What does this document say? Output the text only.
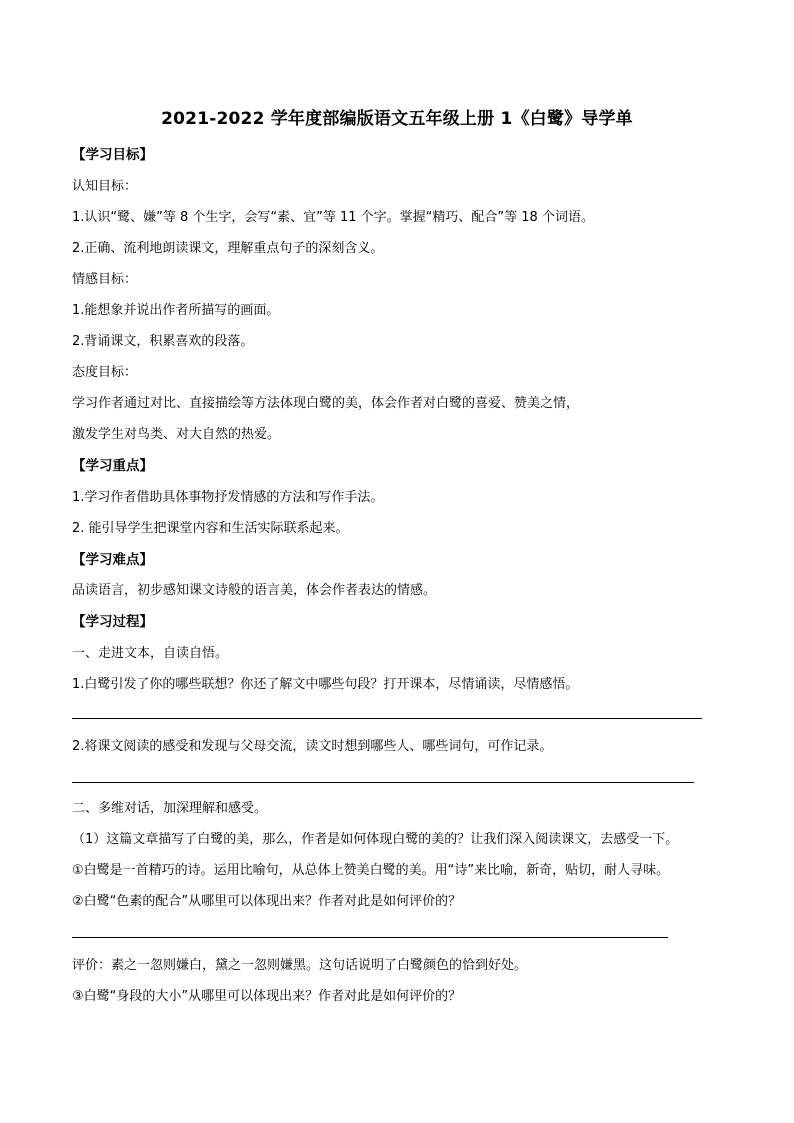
2021-2022 学年度部编版语文五年级上册 1《白鹭》导学单
【学习目标】
认知目标：
1.认识“鹭、嫌”等 8 个生字，会写“素、宜”等 11 个字。掌握“精巧、配合”等 18 个词语。
2.正确、流利地朗读课文，理解重点句子的深刻含义。
情感目标：
1.能想象并说出作者所描写的画面。
2.背诵课文，积累喜欢的段落。
态度目标：
学习作者通过对比、直接描绘等方法体现白鹭的美，体会作者对白鹭的喜爱、赞美之情，
激发学生对鸟类、对大自然的热爱。
【学习重点】
1.学习作者借助具体事物抒发情感的方法和写作手法。
2. 能引导学生把课堂内容和生活实际联系起来。
【学习难点】
品读语言，初步感知课文诗般的语言美，体会作者表达的情感。
【学习过程】
一、走进文本，自读自悟。
1.白鹭引发了你的哪些联想？你还了解文中哪些句段？打开课本，尽情诵读，尽情感悟。
2.将课文阅读的感受和发现与父母交流，读文时想到哪些人、哪些词句，可作记录。
二、多维对话，加深理解和感受。
（1）这篇文章描写了白鹭的美，那么，作者是如何体现白鹭的美的？让我们深入阅读课文，去感受一下。
①白鹭是一首精巧的诗。运用比喻句，从总体上赞美白鹭的美。用“诗”来比喻，新奇，贴切，耐人寻味。
②白鹭“色素的配合”从哪里可以体现出来？作者对此是如何评价的？
评价：素之一忽则嫌白，黛之一忽则嫌黑。这句话说明了白鹭颜色的恰到好处。
③白鹭“身段的大小”从哪里可以体现出来？作者对此是如何评价的？
